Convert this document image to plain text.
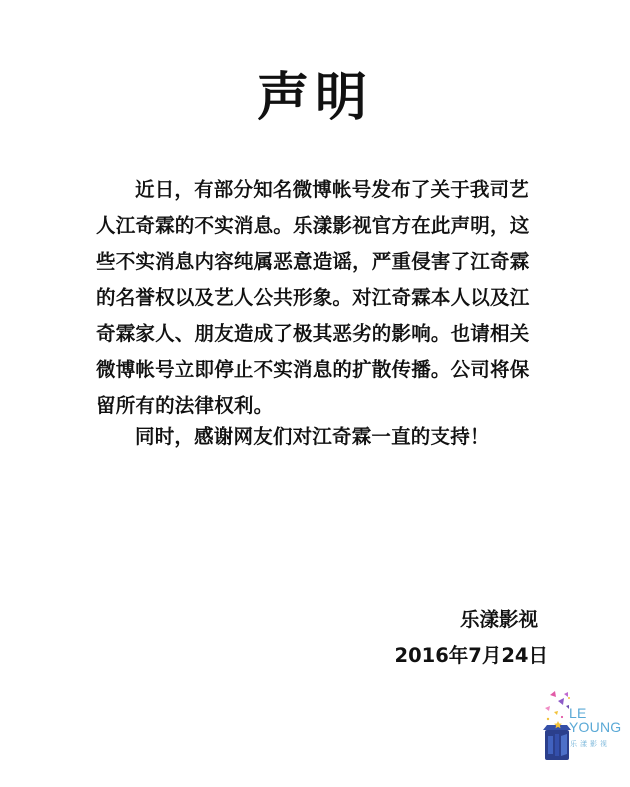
声明

近日，有部分知名微博帐号发布了关于我司艺人江奇霖的不实消息。乐漾影视官方在此声明，这些不实消息内容纯属恶意造谣，严重侵害了江奇霖的名誉权以及艺人公共形象。对江奇霖本人以及江奇霖家人、朋友造成了极其恶劣的影响。也请相关微博帐号立即停止不实消息的扩散传播。公司将保留所有的法律权利。

同时，感谢网友们对江奇霖一直的支持！

乐漾影视
2016年7月24日
LE
YOUNG
乐漾影视
